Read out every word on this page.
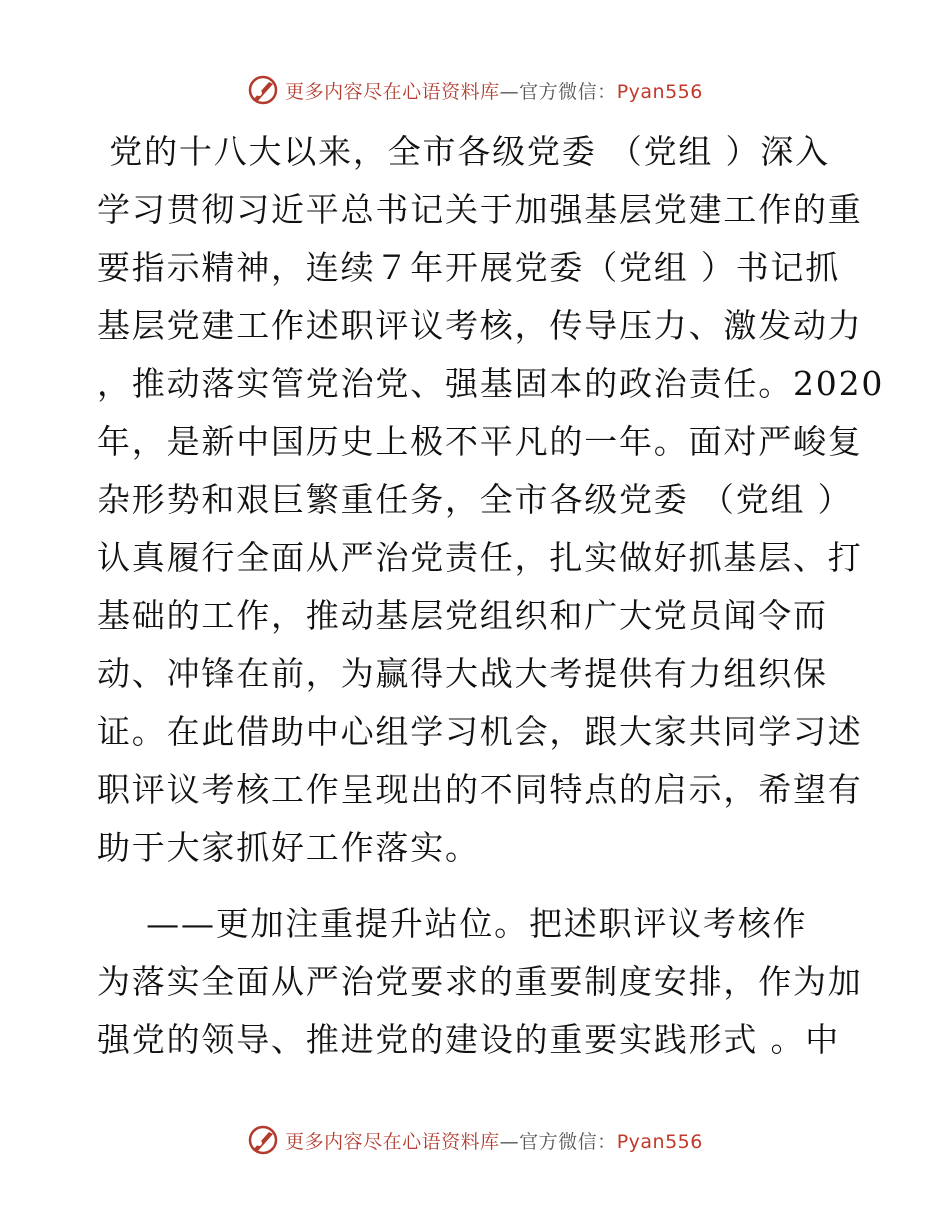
更多内容尽在心语资料库—官方微信：Pyan556
党的十八大以来，全市各级党委 （党组 ）深入
学习贯彻习近平总书记关于加强基层党建工作的重
要指示精神，连续７年开展党委（党组 ）书记抓
基层党建工作述职评议考核，传导压力、激发动力
，推动落实管党治党、强基固本的政治责任。2020
年，是新中国历史上极不平凡的一年。面对严峻复
杂形势和艰巨繁重任务，全市各级党委 （党组 ）
认真履行全面从严治党责任，扎实做好抓基层、打
基础的工作，推动基层党组织和广大党员闻令而
动、冲锋在前，为赢得大战大考提供有力组织保
证。在此借助中心组学习机会，跟大家共同学习述
职评议考核工作呈现出的不同特点的启示，希望有
助于大家抓好工作落实。
——更加注重提升站位。把述职评议考核作
为落实全面从严治党要求的重要制度安排，作为加
强党的领导、推进党的建设的重要实践形式 。中
更多内容尽在心语资料库—官方微信：Pyan556
